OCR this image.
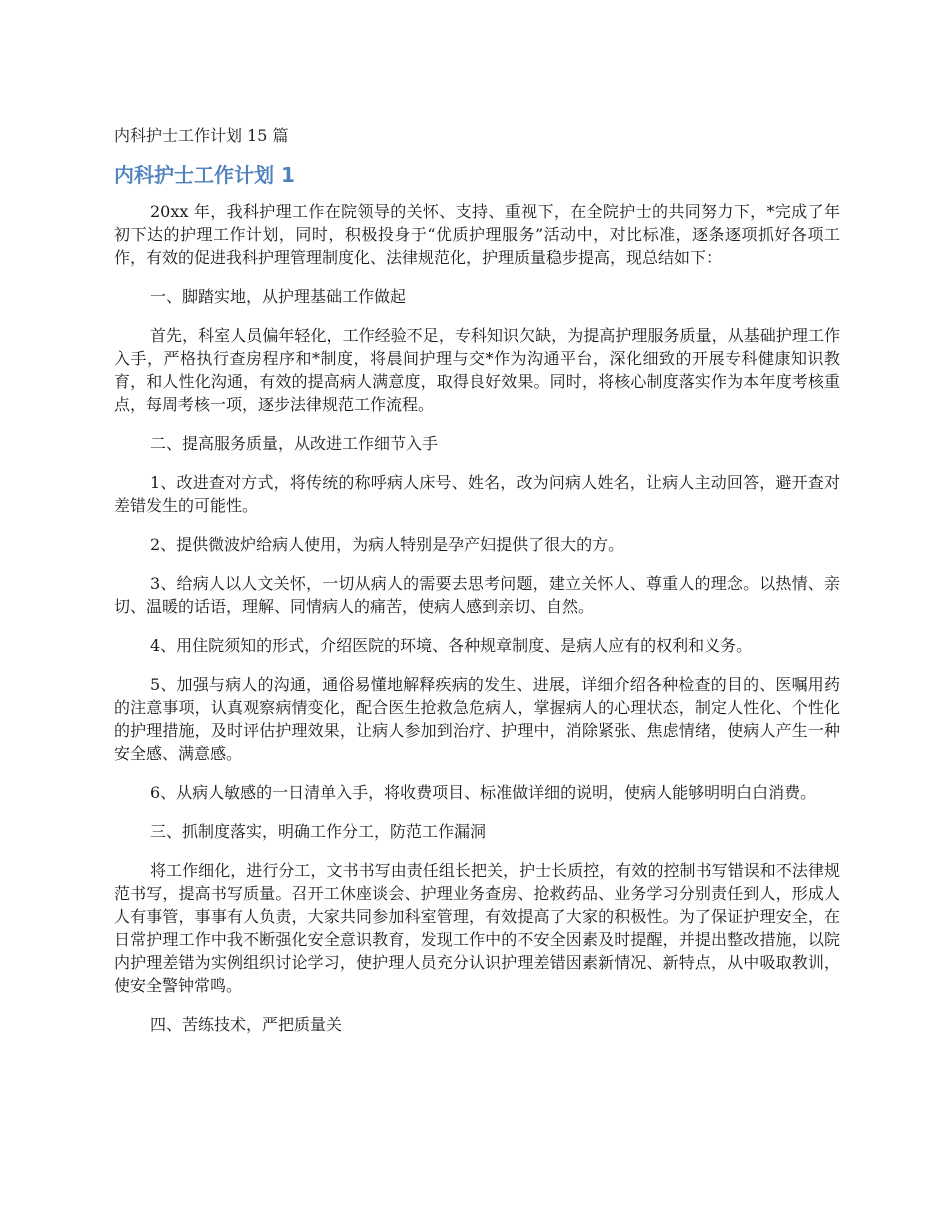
内科护士工作计划 15 篇
内科护士工作计划 1

20xx 年，我科护理工作在院领导的关怀、支持、重视下，在全院护士的共同努力下，*完成了年初下达的护理工作计划，同时，积极投身于“优质护理服务”活动中，对比标准，逐条逐项抓好各项工作，有效的促进我科护理管理制度化、法律规范化，护理质量稳步提高，现总结如下：

一、脚踏实地，从护理基础工作做起

首先，科室人员偏年轻化，工作经验不足，专科知识欠缺，为提高护理服务质量，从基础护理工作入手，严格执行查房程序和*制度，将晨间护理与交*作为沟通平台，深化细致的开展专科健康知识教育，和人性化沟通，有效的提高病人满意度，取得良好效果。同时，将核心制度落实作为本年度考核重点，每周考核一项，逐步法律规范工作流程。

二、提高服务质量，从改进工作细节入手

1、改进查对方式，将传统的称呼病人床号、姓名，改为问病人姓名，让病人主动回答，避开查对差错发生的可能性。

2、提供微波炉给病人使用，为病人特别是孕产妇提供了很大的方。

3、给病人以人文关怀，一切从病人的需要去思考问题，建立关怀人、尊重人的理念。以热情、亲切、温暖的话语，理解、同情病人的痛苦，使病人感到亲切、自然。

4、用住院须知的形式，介绍医院的环境、各种规章制度、是病人应有的权利和义务。

5、加强与病人的沟通，通俗易懂地解释疾病的发生、进展，详细介绍各种检查的目的、医嘱用药的注意事项，认真观察病情变化，配合医生抢救急危病人，掌握病人的心理状态，制定人性化、个性化的护理措施，及时评估护理效果，让病人参加到治疗、护理中，消除紧张、焦虑情绪，使病人产生一种安全感、满意感。

6、从病人敏感的一日清单入手，将收费项目、标准做详细的说明，使病人能够明明白白消费。

三、抓制度落实，明确工作分工，防范工作漏洞

将工作细化，进行分工，文书书写由责任组长把关，护士长质控，有效的控制书写错误和不法律规范书写，提高书写质量。召开工休座谈会、护理业务查房、抢救药品、业务学习分别责任到人，形成人人有事管，事事有人负责，大家共同参加科室管理，有效提高了大家的积极性。为了保证护理安全，在日常护理工作中我不断强化安全意识教育，发现工作中的不安全因素及时提醒，并提出整改措施，以院内护理差错为实例组织讨论学习，使护理人员充分认识护理差错因素新情况、新特点，从中吸取教训，使安全警钟常鸣。

四、苦练技术，严把质量关
